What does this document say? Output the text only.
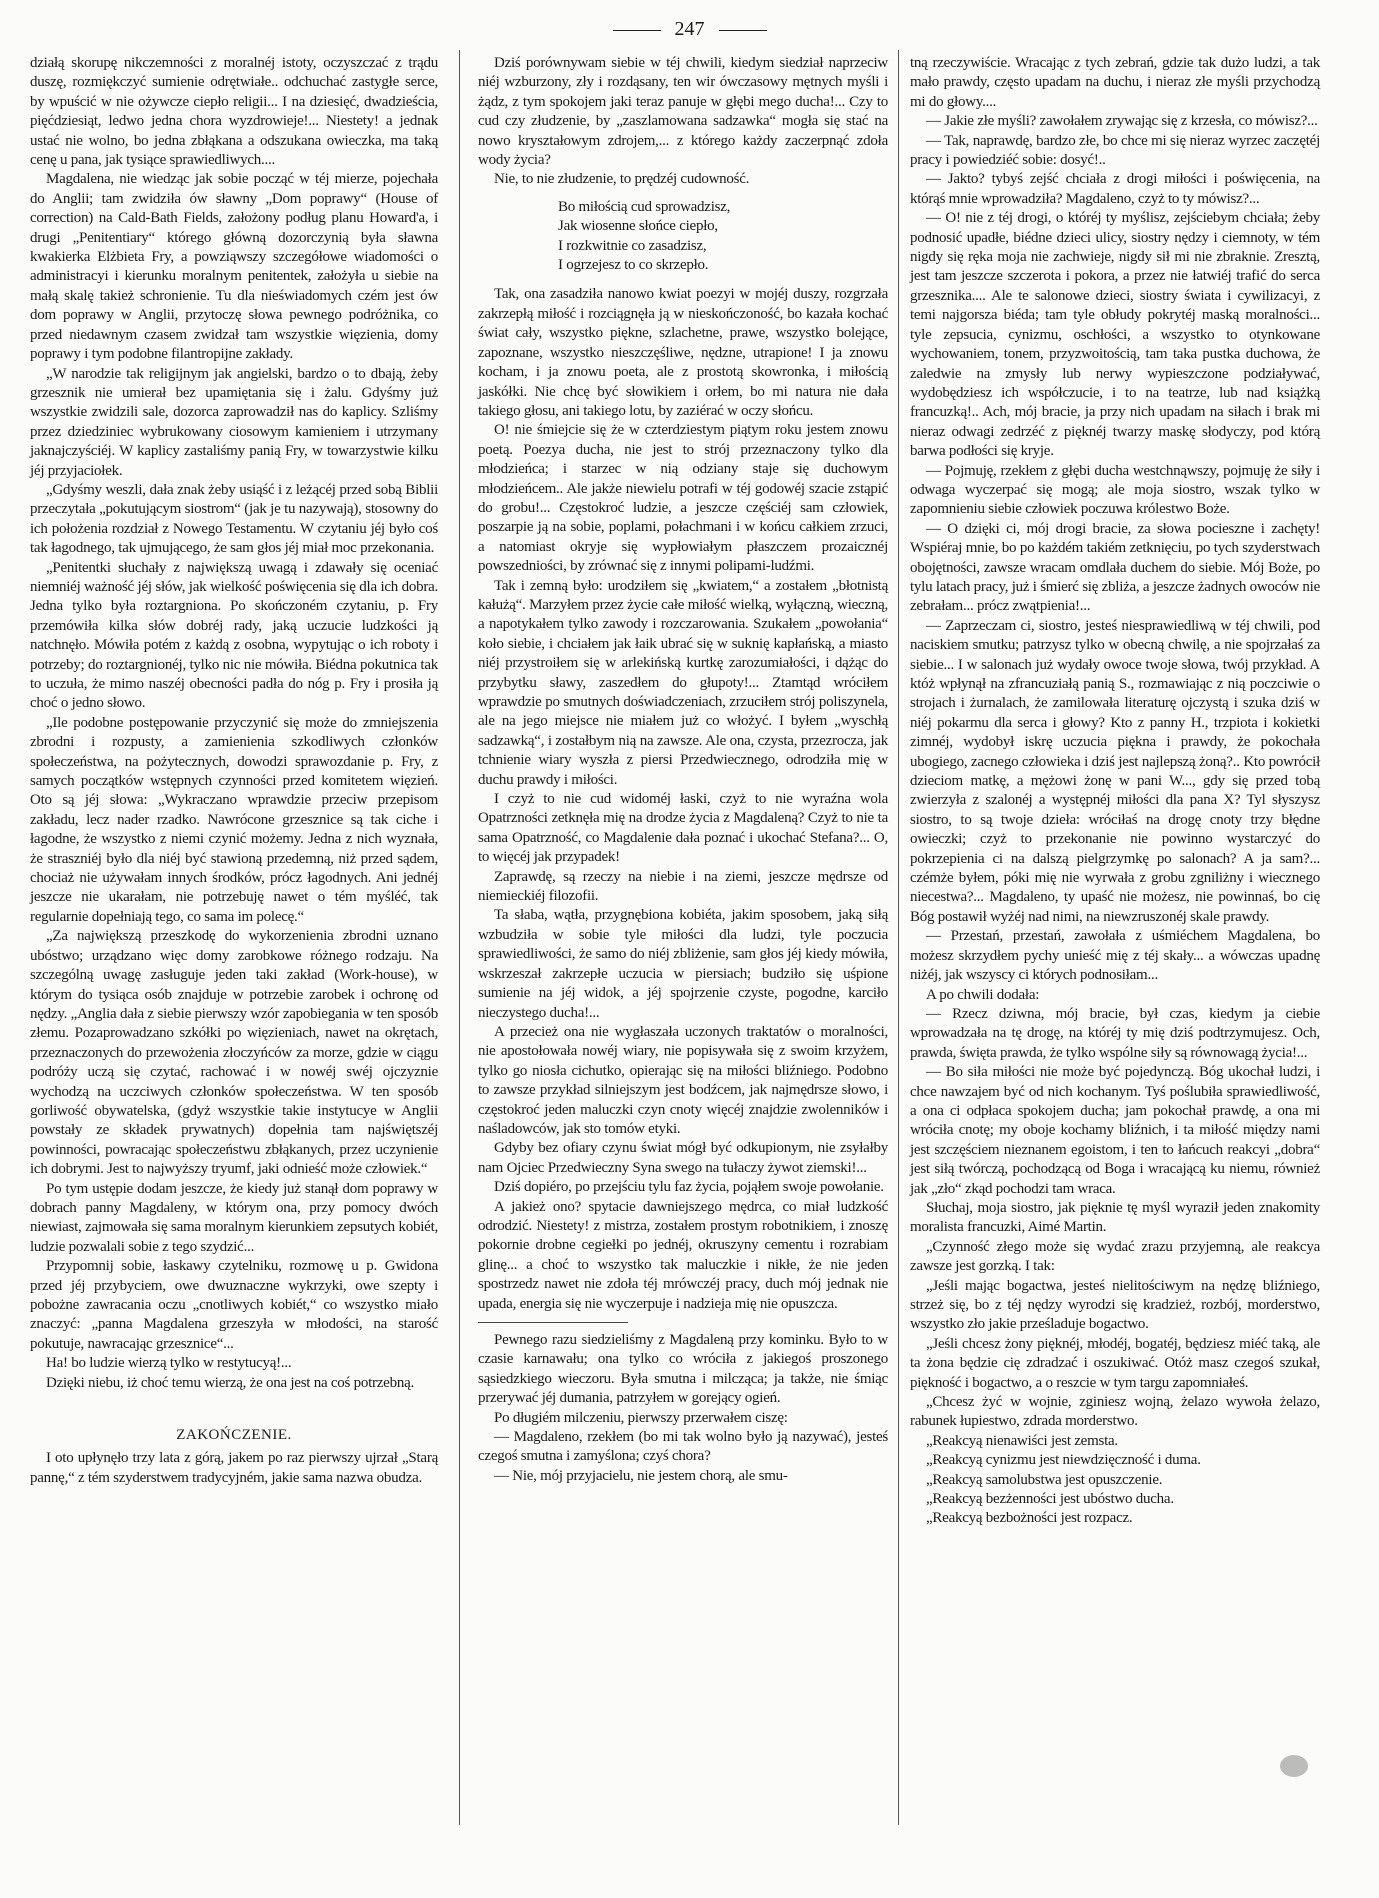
247

działą skorupę nikczemności z moralnéj istoty, oczyszczać z trądu duszę, rozmiękczyć sumienie odrętwiałe.. odchuchać zastygłe serce, by wpuścić w nie ożywcze ciepło religii... I na dziesięć, dwadzieścia, pięćdziesiąt, ledwo jedna chora wyzdrowieje!... Niestety! a jednak ustać nie wolno, bo jedna zbłąkana a odszukana owieczka, ma taką cenę u pana, jak tysiące sprawiedliwych....

Magdalena, nie wiedząc jak sobie począć w téj mierze, pojechała do Anglii; tam zwidziła ów sławny „Dom poprawy“ (House of correction) na Cald-Bath Fields, założony podług planu Howard'a, i drugi „Penitentiary“ którego główną dozorczynią była sławna kwakierka Elżbieta Fry, a powziąwszy szczegółowe wiadomości o administracyi i kierunku moralnym penitentek, założyła u siebie na małą skalę takież schronienie. Tu dla nieświadomych czém jest ów dom poprawy w Anglii, przytoczę słowa pewnego podróżnika, co przed niedawnym czasem zwidzał tam wszystkie więzienia, domy poprawy i tym podobne filantropijne zakłady.

„W narodzie tak religijnym jak angielski, bardzo o to dbają, żeby grzesznik nie umierał bez upamiętania się i żalu. Gdyśmy już wszystkie zwidzili sale, dozorca zaprowadził nas do kaplicy. Szliśmy przez dziedziniec wybrukowany ciosowym kamieniem i utrzymany jaknajczyściéj. W kaplicy zastaliśmy panią Fry, w towarzystwie kilku jéj przyjaciołek.

„Gdyśmy weszli, dała znak żeby usiąść i z leżącéj przed sobą Biblii przeczytała „pokutującym siostrom“ (jak je tu nazywają), stosowny do ich położenia rozdział z Nowego Testamentu. W czytaniu jéj było coś tak łagodnego, tak ujmującego, że sam głos jéj miał moc przekonania.

„Penitentki słuchały z największą uwagą i zdawały się oceniać niemniéj ważność jéj słów, jak wielkość poświęcenia się dla ich dobra. Jedna tylko była roztargniona. Po skończoném czytaniu, p. Fry przemówiła kilka słów dobréj rady, jaką uczucie ludzkości ją natchnęło. Mówiła potém z każdą z osobna, wypytując o ich roboty i potrzeby; do roztargnionéj, tylko nic nie mówiła. Biédna pokutnica tak to uczuła, że mimo naszéj obecności padła do nóg p. Fry i prosiła ją choć o jedno słowo.

„Ile podobne postępowanie przyczynić się może do zmniejszenia zbrodni i rozpusty, a zamienienia szkodliwych członków społeczeństwa, na pożytecznych, dowodzi sprawozdanie p. Fry, z samych początków wstępnych czynności przed komitetem więzień. Oto są jéj słowa: „Wykraczano wprawdzie przeciw przepisom zakładu, lecz nader rzadko. Nawrócone grzesznice są tak ciche i łagodne, że wszystko z niemi czynić możemy. Jedna z nich wyznała, że straszniéj było dla niéj być stawioną przedemną, niż przed sądem, chociaż nie używałam innych środków, prócz łagodnych. Ani jednéj jeszcze nie ukarałam, nie potrzebuję nawet o tém myśléć, tak regularnie dopełniają tego, co sama im polecę.“

„Za największą przeszkodę do wykorzenienia zbrodni uznano ubóstwo; urządzano więc domy zarobkowe różnego rodzaju. Na szczególną uwagę zasługuje jeden taki zakład (Work-house), w którym do tysiąca osób znajduje w potrzebie zarobek i ochronę od nędzy. „Anglia dała z siebie pierwszy wzór zapobiegania w ten sposób złemu. Pozaprowadzano szkółki po więzieniach, nawet na okrętach, przeznaczonych do przewożenia złoczyńców za morze, gdzie w ciągu podróży uczą się czytać, rachować i w nowéj swéj ojczyznie wychodzą na uczciwych członków społeczeństwa. W ten sposób gorliwość obywatelska, (gdyż wszystkie takie instytucye w Anglii powstały ze składek prywatnych) dopełnia tam najświętszéj powinności, powracając społeczeństwu zbłąkanych, przez uczynienie ich dobrymi. Jest to najwyższy tryumf, jaki odnieść może człowiek.“

Po tym ustępie dodam jeszcze, że kiedy już stanął dom poprawy w dobrach panny Magdaleny, w którym ona, przy pomocy dwóch niewiast, zajmowała się sama moralnym kierunkiem zepsutych kobiét, ludzie pozwalali sobie z tego szydzić...

Przypomnij sobie, łaskawy czytelniku, rozmowę u p. Gwidona przed jéj przybyciem, owe dwuznaczne wykrzyki, owe szepty i pobożne zawracania oczu „cnotliwych kobiét,“ co wszystko miało znaczyć: „panna Magdalena grzeszyła w młodości, na starość pokutuje, nawracając grzesznice“...

Ha! bo ludzie wierzą tylko w restytucyą!...

Dzięki niebu, iż choć temu wierzą, że ona jest na coś potrzebną.

ZAKOŃCZENIE.

I oto upłynęło trzy lata z górą, jakem po raz pierwszy ujrzał „Starą pannę,“ z tém szyderstwem tradycyjném, jakie sama nazwa obudza.

Dziś porównywam siebie w téj chwili, kiedym siedział naprzeciw niéj wzburzony, zły i rozdąsany, ten wir ówczasowy mętnych myśli i żądz, z tym spokojem jaki teraz panuje w głębi mego ducha!... Czy to cud czy złudzenie, by „zaszlamowana sadzawka“ mogła się stać na nowo kryształowym zdrojem,... z którego każdy zaczerpnąć zdoła wody życia?

Nie, to nie złudzenie, to prędzéj cudowność.

Bo miłością cud sprowadzisz,

Jak wiosenne słońce ciepło,

I rozkwitnie co zasadzisz,

I ogrzejesz to co skrzepło.

Tak, ona zasadziła nanowo kwiat poezyi w mojéj duszy, rozgrzała zakrzepłą miłość i rozciągnęła ją w nieskończoność, bo kazała kochać świat cały, wszystko piękne, szlachetne, prawe, wszystko bolejące, zapoznane, wszystko nieszczęśliwe, nędzne, utrapione! I ja znowu kocham, i ja znowu poeta, ale z prostotą skowronka, i miłością jaskółki. Nie chcę być słowikiem i orłem, bo mi natura nie dała takiego głosu, ani takiego lotu, by zaziérać w oczy słońcu.

O! nie śmiejcie się że w czterdziestym piątym roku jestem znowu poetą. Poezya ducha, nie jest to strój przeznaczony tylko dla młodzieńca; i starzec w nią odziany staje się duchowym młodzieńcem.. Ale jakże niewielu potrafi w téj godowéj szacie zstąpić do grobu!... Częstokroć ludzie, a jeszcze częściéj sam człowiek, poszarpie ją na sobie, poplami, połachmani i w końcu całkiem zrzuci, a natomiast okryje się wypłowiałym płaszczem prozaicznéj powszedniości, by zrównać się z innymi polipami-ludźmi.

Tak i zemną było: urodziłem się „kwiatem,“ a zostałem „błotnistą kałużą“. Marzyłem przez życie całe miłość wielką, wyłączną, wieczną, a napotykałem tylko zawody i rozczarowania. Szukałem „powołania“ koło siebie, i chciałem jak łaik ubrać się w suknię kapłańską, a miasto niéj przystroiłem się w arlekińską kurtkę zarozumiałości, i dążąc do przybytku sławy, zaszedłem do głupoty!... Ztamtąd wróciłem wprawdzie po smutnych doświadczeniach, zrzuciłem strój poliszynela, ale na jego miejsce nie miałem już co włożyć. I byłem „wyschłą sadzawką“, i zostałbym nią na zawsze. Ale ona, czysta, przezrocza, jak tchnienie wiary wyszła z piersi Przedwiecznego, odrodziła mię w duchu prawdy i miłości.

I czyż to nie cud widoméj łaski, czyż to nie wyraźna wola Opatrzności zetknęła mię na drodze życia z Magdaleną? Czyż to nie ta sama Opatrzność, co Magdalenie dała poznać i ukochać Stefana?... O, to więcéj jak przypadek!

Zaprawdę, są rzeczy na niebie i na ziemi, jeszcze mędrsze od niemieckiéj filozofii.

Ta słaba, wątła, przygnębiona kobiéta, jakim sposobem, jaką siłą wzbudziła w sobie tyle miłości dla ludzi, tyle poczucia sprawiedliwości, że samo do niéj zbliżenie, sam głos jéj kiedy mówiła, wskrzeszał zakrzepłe uczucia w piersiach; budziło się uśpione sumienie na jéj widok, a jéj spojrzenie czyste, pogodne, karciło nieczystego ducha!...

A przecież ona nie wygłaszała uczonych traktatów o moralności, nie apostołowała nowéj wiary, nie popisywała się z swoim krzyżem, tylko go niosła cichutko, opierając się na miłości bliźniego. Podobno to zawsze przykład silniejszym jest bodźcem, jak najmędrsze słowo, i częstokroć jeden maluczki czyn cnoty więcéj znajdzie zwolenników i naśladowców, jak sto tomów etyki.

Gdyby bez ofiary czynu świat mógł być odkupionym, nie zsyłałby nam Ojciec Przedwieczny Syna swego na tułaczy żywot ziemski!...

Dziś dopiéro, po przejściu tylu faz życia, pojąłem swoje powołanie.

A jakież ono? spytacie dawniejszego mędrca, co miał ludzkość odrodzić. Niestety! z mistrza, zostałem prostym robotnikiem, i znoszę pokornie drobne cegiełki po jednéj, okruszyny cementu i rozrabiam glinę... a choć to wszystko tak maluczkie i nikłe, że nie jeden spostrzedz nawet nie zdoła téj mrówczéj pracy, duch mój jednak nie upada, energia się nie wyczerpuje i nadzieja mię nie opuszcza.

Pewnego razu siedzieliśmy z Magdaleną przy kominku. Było to w czasie karnawału; ona tylko co wróciła z jakiegoś proszonego sąsiedzkiego wieczoru. Była smutna i milcząca; ja także, nie śmiąc przerywać jéj dumania, patrzyłem w gorejący ogień.

Po długiém milczeniu, pierwszy przerwałem ciszę:

— Magdaleno, rzekłem (bo mi tak wolno było ją nazywać), jesteś czegoś smutna i zamyślona; czyś chora?

— Nie, mój przyjacielu, nie jestem chorą, ale smu-

tną rzeczywiście. Wracając z tych zebrań, gdzie tak dużo ludzi, a tak mało prawdy, często upadam na duchu, i nieraz złe myśli przychodzą mi do głowy....

— Jakie złe myśli? zawołałem zrywając się z krzesła, co mówisz?...

— Tak, naprawdę, bardzo złe, bo chce mi się nieraz wyrzec zaczętéj pracy i powiedziéć sobie: dosyć!..

— Jakto? tybyś zejść chciała z drogi miłości i poświęcenia, na którąś mnie wprowadziła? Magdaleno, czyż to ty mówisz?...

— O! nie z téj drogi, o któréj ty myślisz, zejściebym chciała; żeby podnosić upadłe, biédne dzieci ulicy, siostry nędzy i ciemnoty, w tém nigdy się ręka moja nie zachwieje, nigdy sił mi nie zbraknie. Zresztą, jest tam jeszcze szczerota i pokora, a przez nie łatwiéj trafić do serca grzesznika.... Ale te salonowe dzieci, siostry świata i cywilizacyi, z temi najgorsza biéda; tam tyle obłudy pokrytéj maską moralności... tyle zepsucia, cynizmu, oschłości, a wszystko to otynkowane wychowaniem, tonem, przyzwoitością, tam taka pustka duchowa, że zaledwie na zmysły lub nerwy wypieszczone podziaływać, wydobędziesz ich współczucie, i to na teatrze, lub nad książką francuzką!.. Ach, mój bracie, ja przy nich upadam na siłach i brak mi nieraz odwagi zedrzéć z pięknéj twarzy maskę słodyczy, pod którą barwa podłości się kryje.

— Pojmuję, rzekłem z głębi ducha westchnąwszy, pojmuję że siły i odwaga wyczerpać się mogą; ale moja siostro, wszak tylko w zapomnieniu siebie człowiek poczuwa królestwo Boże.

— O dzięki ci, mój drogi bracie, za słowa pocieszne i zachęty! Wspiéraj mnie, bo po każdém takiém zetknięciu, po tych szyderstwach obojętności, zawsze wracam omdlała duchem do siebie. Mój Boże, po tylu latach pracy, już i śmierć się zbliża, a jeszcze żadnych owoców nie zebrałam... prócz zwątpienia!...

— Zaprzeczam ci, siostro, jesteś niesprawiedliwą w téj chwili, pod naciskiem smutku; patrzysz tylko w obecną chwilę, a nie spojrzałaś za siebie... I w salonach już wydały owoce twoje słowa, twój przykład. A któż wpłynął na zfrancuziałą panią S., rozmawiając z nią poczciwie o strojach i żurnalach, że zamilowała literaturę ojczystą i szuka dziś w niéj pokarmu dla serca i głowy? Kto z panny H., trzpiota i kokietki zimnéj, wydobył iskrę uczucia piękna i prawdy, że pokochała ubogiego, zacnego człowieka i dziś jest najlepszą żoną?.. Kto powrócił dzieciom matkę, a mężowi żonę w pani W..., gdy się przed tobą zwierzyła z szalonéj a występnéj miłości dla pana X? Tyl słyszysz siostro, to są twoje dzieła: wróciłaś na drogę cnoty trzy błędne owieczki; czyż to przekonanie nie powinno wystarczyć do pokrzepienia ci na dalszą pielgrzymkę po salonach? A ja sam?... czémże byłem, póki mię nie wyrwała z grobu zgniliżny i wiecznego niecestwa?... Magdaleno, ty upaść nie możesz, nie powinnaś, bo cię Bóg postawił wyżéj nad nimi, na niewzruszonéj skale prawdy.

— Przestań, przestań, zawołała z uśmiéchem Magdalena, bo możesz skrzydłem pychy unieść mię z téj skały... a wówczas upadnę niżéj, jak wszyscy ci których podnosiłam...

A po chwili dodała:

— Rzecz dziwna, mój bracie, był czas, kiedym ja ciebie wprowadzała na tę drogę, na któréj ty mię dziś podtrzymujesz. Och, prawda, święta prawda, że tylko wspólne siły są równowagą życia!...

— Bo siła miłości nie może być pojedynczą. Bóg ukochał ludzi, i chce nawzajem być od nich kochanym. Tyś poślubiła sprawiedliwość, a ona ci odpłaca spokojem ducha; jam pokochał prawdę, a ona mi wróciła cnotę; my oboje kochamy bliźnich, i ta miłość między nami jest szczęściem nieznanem egoistom, i ten to łańcuch reakcyi „dobra“ jest siłą twórczą, pochodzącą od Boga i wracającą ku niemu, również jak „zło“ zkąd pochodzi tam wraca.

Słuchaj, moja siostro, jak pięknie tę myśl wyraził jeden znakomity moralista francuzki, Aimé Martin.

„Czynność złego może się wydać zrazu przyjemną, ale reakcya zawsze jest gorzką. I tak:

„Jeśli mając bogactwa, jesteś nielitościwym na nędzę bliźniego, strzeż się, bo z téj nędzy wyrodzi się kradzież, rozbój, morderstwo, wszystko zło jakie prześladuje bogactwo.

„Jeśli chcesz żony pięknéj, młodéj, bogatéj, będziesz miéć taką, ale ta żona będzie cię zdradzać i oszukiwać. Otóż masz czegoś szukał, piękność i bogactwo, a o reszcie w tym targu zapomniałeś.

„Chcesz żyć w wojnie, zginiesz wojną, żelazo wywoła żelazo, rabunek łupiestwo, zdrada morderstwo.

„Reakcyą nienawiści jest zemsta.

„Reakcyą cynizmu jest niewdzięczność i duma.

„Reakcyą samolubstwa jest opuszczenie.

„Reakcyą bezżenności jest ubóstwo ducha.

„Reakcyą bezbożności jest rozpacz.
